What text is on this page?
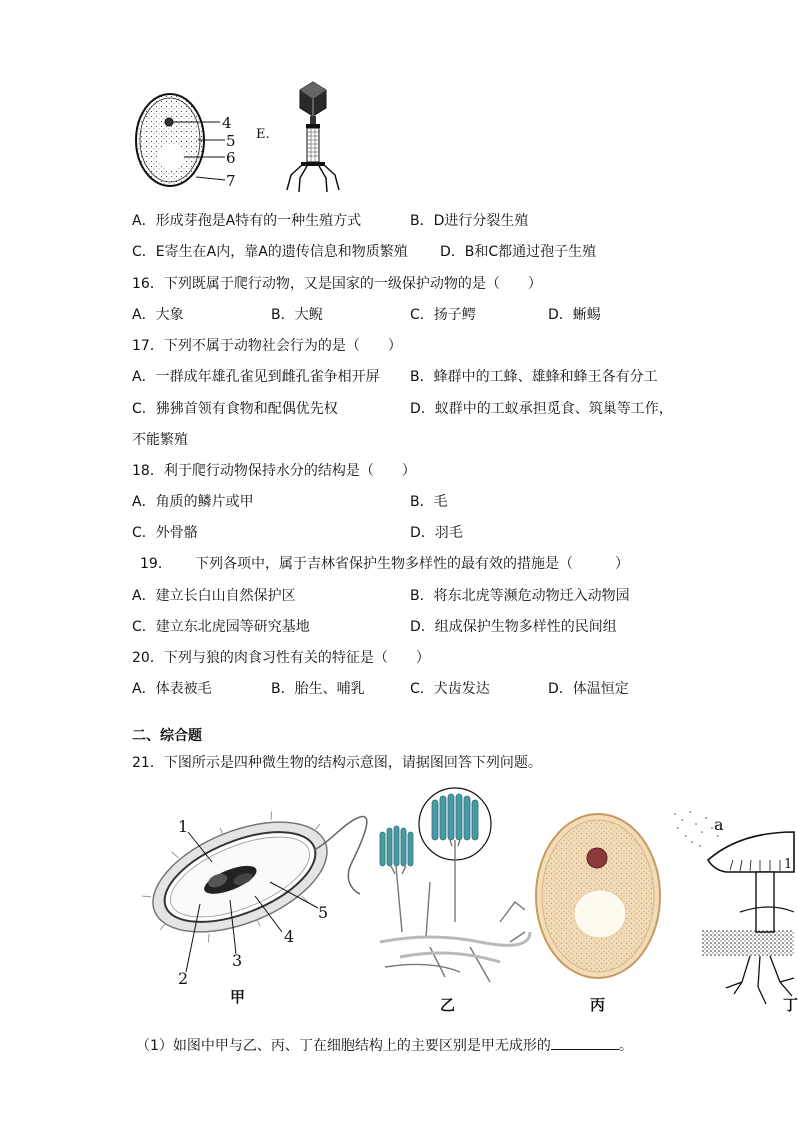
4
5
6
7
E.
A．形成芽孢是A特有的一种生殖方式	B．D进行分裂生殖
C．E寄生在A内，靠A的遗传信息和物质繁殖 D．B和C都通过孢子生殖
16．下列既属于爬行动物，又是国家的一级保护动物的是（　　）
A．大象	B．大鲵	C．扬子鳄	D．蜥蜴
17．下列不属于动物社会行为的是（　　）
A．一群成年雄孔雀见到雌孔雀争相开屏 B．蜂群中的工蜂、雄蜂和蜂王各有分工
C．狒狒首领有食物和配偶优先权	D．蚁群中的工蚁承担觅食、筑巢等工作，
不能繁殖
18．利于爬行动物保持水分的结构是（　　）
A．角质的鳞片或甲	B．毛
C．外骨骼	D．羽毛
19． 下列各项中，属于吉林省保护生物多样性的最有效的措施是（　　　）
A．建立长白山自然保护区	B．将东北虎等濒危动物迁入动物园
C．建立东北虎园等研究基地	D．组成保护生物多样性的民间组
20．下列与狼的肉食习性有关的特征是（　　）
A．体表被毛	B．胎生、哺乳	C．犬齿发达	D．体温恒定
二、综合题
21．下图所示是四种微生物的结构示意图，请据图回答下列问题。
1
2
3
4
5
a
1
甲	乙	丙	丁
（1）如图中甲与乙、丙、丁在细胞结构上的主要区别是甲无成形的	。
